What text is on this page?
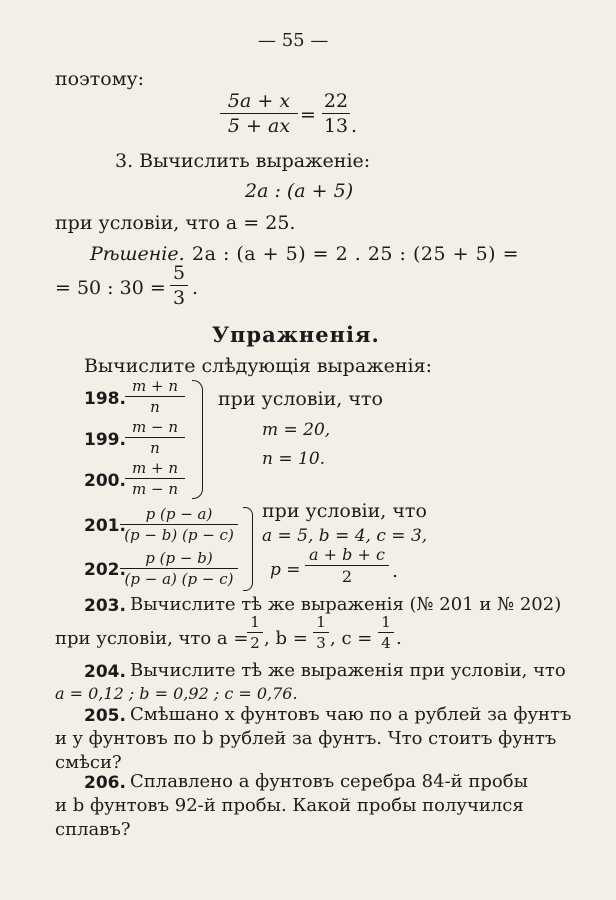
— 55 —
поэтому:
5a + x
5 + ax =
22
13 .
3. Вычислить выраженіе:
2a : (a + 5)
при условіи, что a = 25.
Рѣшеніе. 2a : (a + 5) = 2 . 25 : (25 + 5) =
= 50 : 30 =
5
3 .
Упражненія.
Вычислите слѣдующія выраженія:
198.
m + n
n
199.
m − n
n
200.
m + n
m − n
при условіи, что
m = 20,
n = 10.
201.
p (p − a)
(p − b) (p − c)
202.
p (p − b)
(p − a) (p − c)
при условіи, что
a = 5, b = 4, c = 3,
p =
a + b + c
2	.
203. Вычислите тѣ же выраженія (№ 201 и № 202)
при условіи, что a =
1
2 , b =
1
3 , c =
1
4 .
204. Вычислите тѣ же выраженія при условіи, что
a = 0,12 ; b = 0,92 ; c = 0,76.
205. Смѣшано x фунтовъ чаю по a рублей за фунтъ
и y фунтовъ по b рублей за фунтъ. Что стоитъ фунтъ
смѣси?
206. Сплавлено a фунтовъ серебра 84-й пробы
и b фунтовъ 92-й пробы. Какой пробы получился
сплавъ?
